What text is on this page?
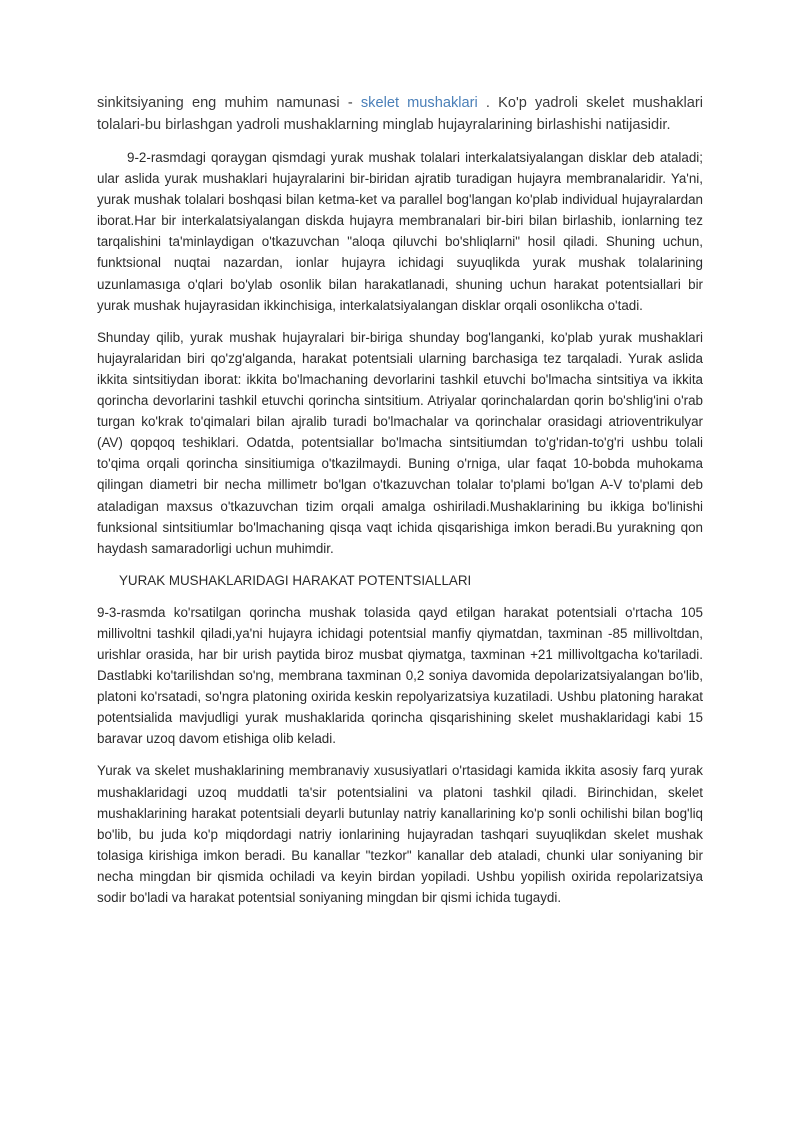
sinkitsiyaning eng muhim namunasi - skelet mushaklari . Ko'p yadroli skelet mushaklari tolalari-bu birlashgan yadroli mushaklarning minglab hujayralarining birlashishi natijasidir.

9-2-rasmdagi qoraygan qismdagi yurak mushak tolalari interkalatsiyalangan disklar deb ataladi; ular aslida yurak mushaklari hujayralarini bir-biridan ajratib turadigan hujayra membranalaridir. Ya'ni, yurak mushak tolalari boshqasi bilan ketma-ket va parallel bog'langan ko'plab individual hujayralardan iborat.Har bir interkalatsiyalangan diskda hujayra membranalari bir-biri bilan birlashib, ionlarning tez tarqalishini ta'minlaydigan o'tkazuvchan "aloqa qiluvchi bo'shliqlarni" hosil qiladi. Shuning uchun, funktsional nuqtai nazardan, ionlar hujayra ichidagi suyuqlikda yurak mushak tolalarining uzunlamasıga o'qlari bo'ylab osonlik bilan harakatlanadi, shuning uchun harakat potentsiallari bir yurak mushak hujayrasidan ikkinchisiga, interkalatsiyalangan disklar orqali osonlikcha o'tadi.

Shunday qilib, yurak mushak hujayralari bir-biriga shunday bog'langanki, ko'plab yurak mushaklari hujayralaridan biri qo'zg'alganda, harakat potentsiali ularning barchasiga tez tarqaladi. Yurak aslida ikkita sintsitiydan iborat: ikkita bo'lmachaning devorlarini tashkil etuvchi bo'lmacha sintsitiya va ikkita qorincha devorlarini tashkil etuvchi qorincha sintsitium. Atriyalar qorinchalardan qorin bo'shlig'ini o'rab turgan ko'krak to'qimalari bilan ajralib turadi bo'lmachalar va qorinchalar orasidagi atrioventrikulyar (AV) qopqoq teshiklari. Odatda, potentsiallar bo'lmacha sintsitiumdan to'g'ridan-to'g'ri ushbu tolali to'qima orqali qorincha sinsitiumiga o'tkazilmaydi. Buning o'rniga, ular faqat 10-bobda muhokama qilingan diametri bir necha millimetr bo'lgan o'tkazuvchan tolalar to'plami bo'lgan A-V to'plami deb ataladigan maxsus o'tkazuvchan tizim orqali amalga oshiriladi.Mushaklarining bu ikkiga bo'linishi funksional sintsitiumlar bo'lmachaning qisqa vaqt ichida qisqarishiga imkon beradi.Bu yurakning qon haydash samaradorligi uchun muhimdir.

YURAK MUSHAKLARIDAGI HARAKAT POTENTSIALLARI

9-3-rasmda ko'rsatilgan qorincha mushak tolasida qayd etilgan harakat potentsiali o'rtacha 105 millivoltni tashkil qiladi,ya'ni hujayra ichidagi potentsial manfiy qiymatdan, taxminan -85 millivoltdan, urishlar orasida, har bir urish paytida biroz musbat qiymatga, taxminan +21 millivoltgacha ko'tariladi. Dastlabki ko'tarilishdan so'ng, membrana taxminan 0,2 soniya davomida depolarizatsiyalangan bo'lib, platoni ko'rsatadi, so'ngra platoning oxirida keskin repolyarizatsiya kuzatiladi. Ushbu platoning harakat potentsialida mavjudligi yurak mushaklarida qorincha qisqarishining skelet mushaklaridagi kabi 15 baravar uzoq davom etishiga olib keladi.

Yurak va skelet mushaklarining membranaviy xususiyatlari o'rtasidagi kamida ikkita asosiy farq yurak mushaklaridagi uzoq muddatli ta'sir potentsialini va platoni tashkil qiladi. Birinchidan, skelet mushaklarining harakat potentsiali deyarli butunlay natriy kanallarining ko'p sonli ochilishi bilan bog'liq bo'lib, bu juda ko'p miqdordagi natriy ionlarining hujayradan tashqari suyuqlikdan skelet mushak tolasiga kirishiga imkon beradi. Bu kanallar "tezkor" kanallar deb ataladi, chunki ular soniyaning bir necha mingdan bir qismida ochiladi va keyin birdan yopiladi. Ushbu yopilish oxirida repolarizatsiya sodir bo'ladi va harakat potentsial soniyaning mingdan bir qismi ichida tugaydi.
